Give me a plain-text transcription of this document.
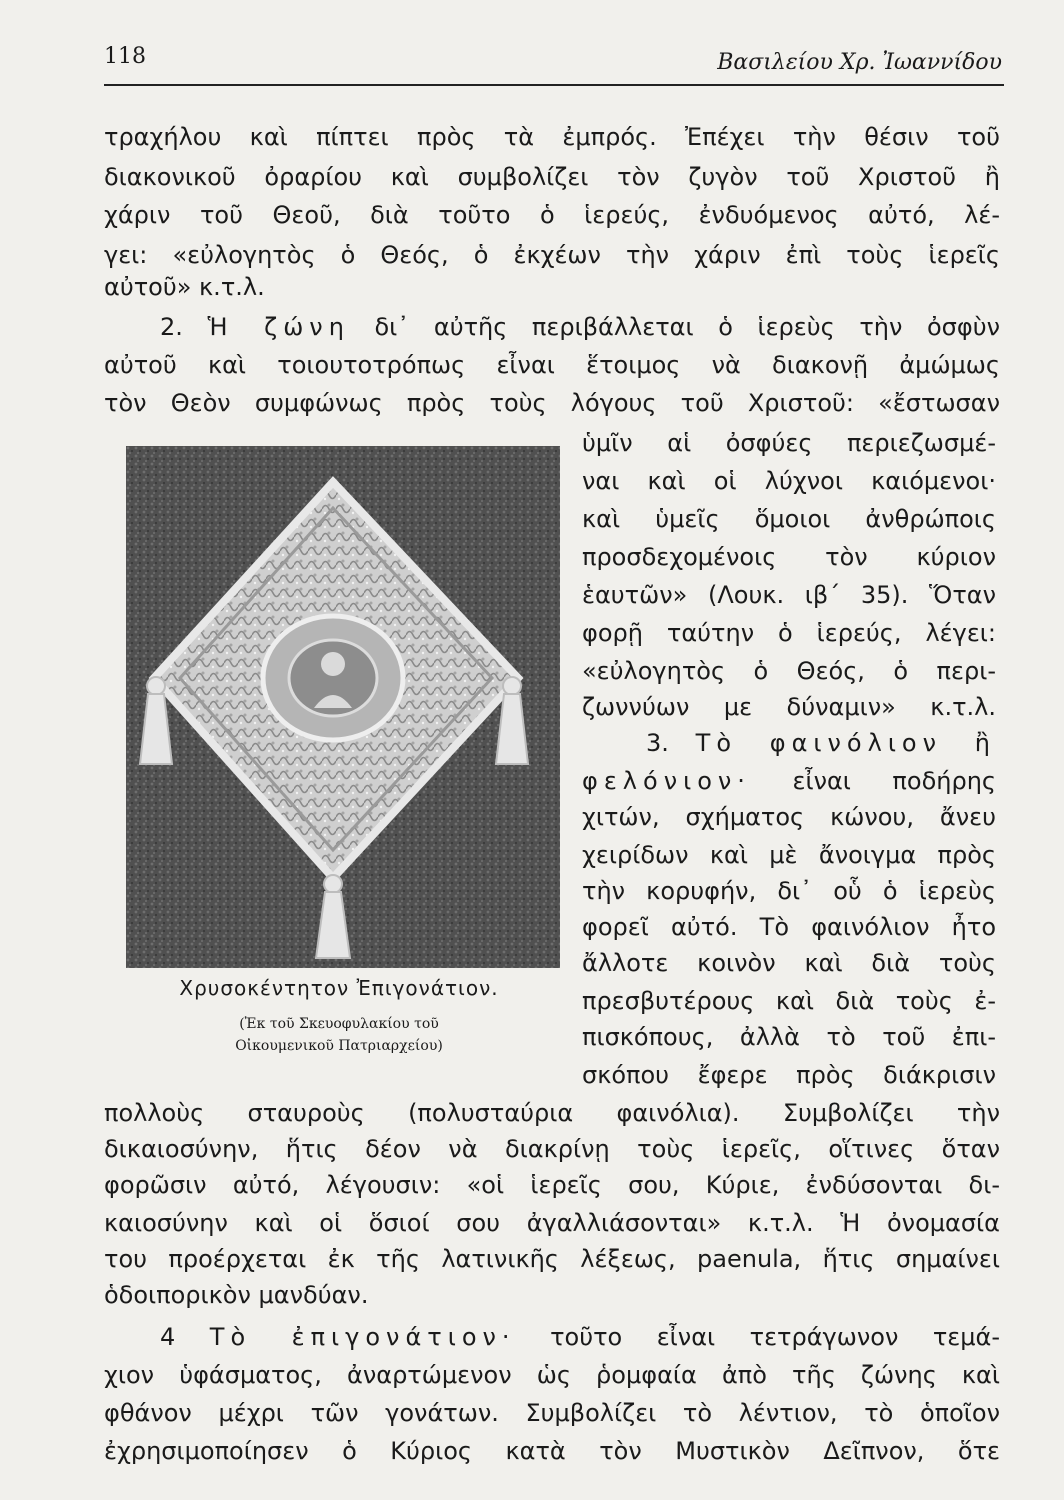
118	Βασιλείου Χρ. Ἰωαννίδου
τραχήλου καὶ πίπτει πρὸς τὰ ἐμπρός. Ἐπέχει τὴν θέσιν τοῦ
διακονικοῦ ὀραρίου καὶ συμβολίζει τὸν ζυγὸν τοῦ Χριστοῦ ἢ
χάριν τοῦ Θεοῦ, διὰ τοῦτο ὁ ἱερεύς, ἐνδυόμενος αὐτό, λέ-
γει: «εὐλογητὸς ὁ Θεός, ὁ ἐκχέων τὴν χάριν ἐπὶ τοὺς ἱερεῖς
αὐτοῦ» κ.τ.λ.
2. Ἡ ζώνη δι᾽ αὐτῆς περιβάλλεται ὁ ἱερεὺς τὴν ὀσφὺν
αὐτοῦ καὶ τοιουτοτρόπως εἶναι ἕτοιμος νὰ διακονῇ ἀμώμως
τὸν Θεὸν συμφώνως πρὸς τοὺς λόγους τοῦ Χριστοῦ: «ἔστωσαν
ὑμῖν αἱ ὀσφύες περιεζωσμέ-
ναι καὶ οἱ λύχνοι καιόμενοι·
καὶ ὑμεῖς ὅμοιοι ἀνθρώποις
προσδεχομένοις τὸν κύριον
ἑαυτῶν» (Λουκ. ιβ´ 35). Ὅταν
φορῇ ταύτην ὁ ἱερεύς, λέγει:
«εὐλογητὸς ὁ Θεός, ὁ περι-
ζωννύων με δύναμιν» κ.τ.λ.
3. Τὸ φαινόλιον ἢ
φελόνιον· εἶναι ποδήρης
χιτών, σχήματος κώνου, ἄνευ
χειρίδων καὶ μὲ ἄνοιγμα πρὸς
τὴν κορυφήν, δι᾽ οὗ ὁ ἱερεὺς
φορεῖ αὐτό. Τὸ φαινόλιον ἦτο
ἄλλοτε κοινὸν καὶ διὰ τοὺς
πρεσβυτέρους καὶ διὰ τοὺς ἐ-
πισκόπους, ἀλλὰ τὸ τοῦ ἐπι-
σκόπου ἔφερε πρὸς διάκρισιν
Χρυσοκέντητον Ἐπιγονάτιον.
(Ἐκ τοῦ Σκευοφυλακίου τοῦ
Οἰκουμενικοῦ Πατριαρχείου)
πολλοὺς σταυροὺς (πολυσταύρια φαινόλια). Συμβολίζει τὴν
δικαιοσύνην, ἥτις δέον νὰ διακρίνῃ τοὺς ἱερεῖς, οἵτινες ὅταν
φορῶσιν αὐτό, λέγουσιν: «οἱ ἱερεῖς σου, Κύριε, ἐνδύσονται δι-
καιοσύνην καὶ οἱ ὅσιοί σου ἀγαλλιάσονται» κ.τ.λ. Ἡ ὀνομασία
του προέρχεται ἐκ τῆς λατινικῆς λέξεως, paenula, ἥτις σημαίνει
ὁδοιπορικὸν μανδύαν.
4 Τὸ ἐπιγονάτιον· τοῦτο εἶναι τετράγωνον τεμά-
χιον ὑφάσματος, ἀναρτώμενον ὡς ῥομφαία ἀπὸ τῆς ζώνης καὶ
φθάνον μέχρι τῶν γονάτων. Συμβολίζει τὸ λέντιον, τὸ ὁποῖον
ἐχρησιμοποίησεν ὁ Κύριος κατὰ τὸν Μυστικὸν Δεῖπνον, ὅτε
